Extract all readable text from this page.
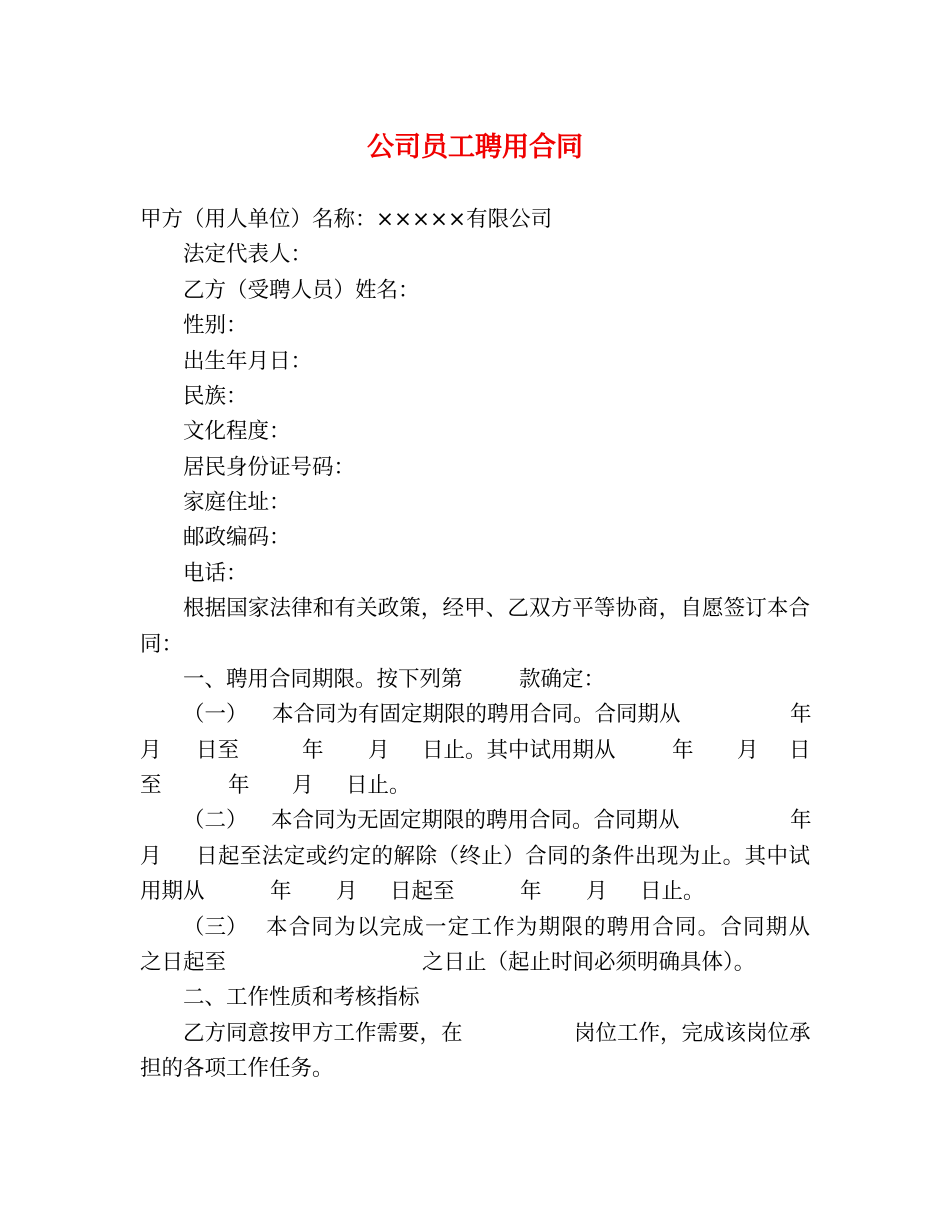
公司员工聘用合同
甲方（用人单位）名称： ×××××有限公司
法定代表人：
乙方（受聘人员）姓名：
性别：
出生年月日：
民族：
文化程度：
居民身份证号码：
家庭住址：
邮政编码：
电话：
根据国家法律和有关政策，经甲、乙双方平等协商，自愿签订本合
同：
一、聘用合同期限。按下列第	款确定：
（一） 本合同为有固定期限的聘用合同。合同期从	年
月 日至	年 月 日止。其中试用期从	年 月 日
至	年 月 日止。
（二） 本合同为无固定期限的聘用合同。合同期从	年
月 日起至法定或约定的解除（终止）合同的条件出现为止。其中试
用期从	年 月 日起至	年 月 日止。
（三） 本合同为以完成一定工作为期限的聘用合同。合同期从
之日起至	之日止（起止时间必须明确具体）。
二、工作性质和考核指标
乙方同意按甲方工作需要，在	岗位工作，完成该岗位承
担的各项工作任务。
